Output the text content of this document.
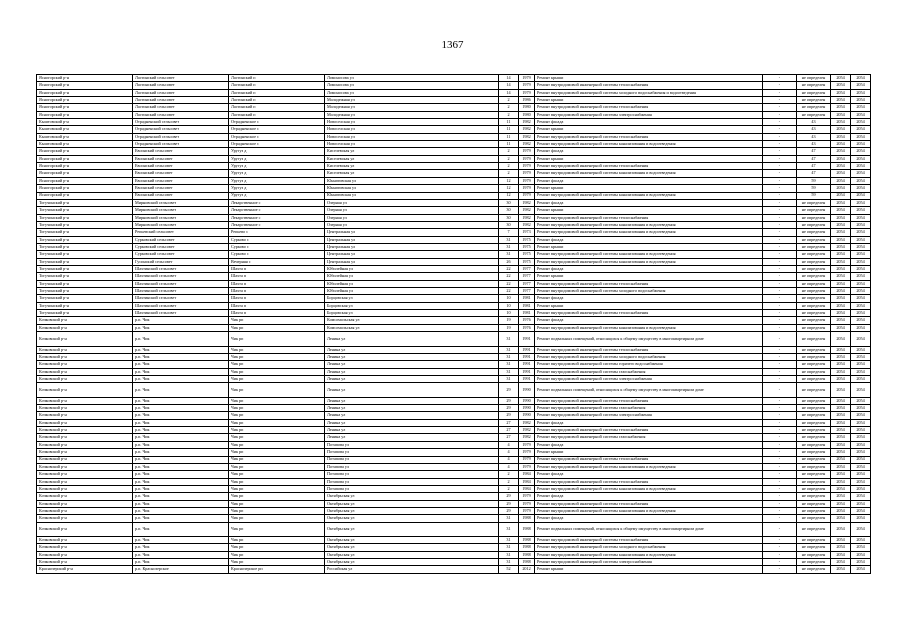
1367
Ясногорский р-н	Ластинский сельсовет	Ластинский п	Ломоносова ул	14	1979	Ремонт крыши	-	не определен	2054	2054
Ясногорский р-н	Ластинский сельсовет	Ластинский п	Ломоносова ул	14	1979	Ремонт внутридомовой инженерной системы теплоснабжения	-	не определен	2054	2054
Ясногорский р-н	Ластинский сельсовет	Ластинский п	Ломоносова ул	14	1979	Ремонт внутридомовой инженерной системы холодного водоснабжения и водоотведения	-	не определен	2054	2054
Ясногорский р-н	Ластинский сельсовет	Ластинский п	Молодежная ул	2	1986	Ремонт крыши	-	не определен	2054	2054
Ясногорский р-н	Ластинский сельсовет	Ластинский п	Молодежная ул	2	1980	Ремонт внутридомовой инженерной системы теплоснабжения	-	не определен	2054	2054
Ясногорский р-н	Ластинский сельсовет	Ластинский п	Молодежная ул	2	1980	Ремонт внутридомовой инженерной системы электроснабжения	-	не определен	2054	2054
Кыштовский р-н	Отрадненский сельсовет	Отрадненское с	Новоселская ул	11	1982	Ремонт фасада	-	43	2054	2054
Кыштовский р-н	Отрадненский сельсовет	Отрадненское с	Новоселская ул	11	1982	Ремонт крыши	-	43	2054	2054
Кыштовский р-н	Отрадненский сельсовет	Отрадненское с	Новоселская ул	11	1982	Ремонт внутридомовой инженерной системы теплоснабжения	-	43	2054	2054
Кыштовский р-н	Отрадненский сельсовет	Отрадненское с	Новоселская ул	11	1982	Ремонт внутридомовой инженерной системы канализования и водоотведения	-	43	2054	2054
Ясногорский р-н	Евсинский сельсовет	Уругуз д	Киселевская ул	2	1979	Ремонт фасада	-	47	2054	2054
Ясногорский р-н	Евсинский сельсовет	Уругуз д	Киселевская ул	2	1979	Ремонт крыши	-	47	2054	2054
Ясногорский р-н	Евсинский сельсовет	Уругуз д	Киселевская ул	2	1979	Ремонт внутридомовой инженерной системы теплоснабжения	-	47	2054	2054
Ясногорский р-н	Евсинский сельсовет	Уругуз д	Киселевская ул	2	1979	Ремонт внутридомовой инженерной системы канализования и водоотведения	-	47	2054	2054
Ясногорский р-н	Евсинский сельсовет	Уругуз д	Юннатовская ул	12	1979	Ремонт фасада	-	59	2054	2054
Ясногорский р-н	Евсинский сельсовет	Уругуз д	Юннатовская ул	12	1979	Ремонт крыши	-	59	2054	2054
Ясногорский р-н	Евсинский сельсовет	Уругуз д	Юннатовская ул	12	1979	Ремонт внутридомовой инженерной системы канализования и водоотведения	-	59	2054	2054
Тогучинский р-н	Мирновский сельсовет	Лекарственное с	Озерная ул	30	1982	Ремонт фасада	-	не определен	2054	2054
Тогучинский р-н	Мирновский сельсовет	Лекарственное с	Озерная ул	30	1982	Ремонт крыши	-	не определен	2054	2054
Тогучинский р-н	Мирновский сельсовет	Лекарственное с	Озерная ул	30	1982	Ремонт внутридомовой инженерной системы теплоснабжения	-	не определен	2054	2054
Тогучинский р-н	Мирновский сельсовет	Лекарственное с	Озерная ул	30	1982	Ремонт внутридомовой инженерной системы канализования и водоотведения	-	не определен	2054	2054
Тогучинский р-н	Репьевский сельсовет	Репьево с	Центральная ул	7	1973	Ремонт внутридомовой инженерной системы канализования и водоотведения	-	не определен	2054	2054
Тогучинский р-н	Сурковский сельсовет	Сурково с	Центральная ул	31	1975	Ремонт фасада	-	не определен	2054	2054
Тогучинский р-н	Сурковский сельсовет	Сурково с	Центральная ул	31	1975	Ремонт крыши	-	не определен	2054	2054
Тогучинский р-н	Сурковский сельсовет	Сурково с	Центральная ул	31	1975	Ремонт внутридомовой инженерной системы канализования и водоотведения	-	не определен	2054	2054
Тогучинский р-н	Гусинский сельсовет	Вечерняя с	Центральная ул	26	1975	Ремонт внутридомовой инженерной системы канализования и водоотведения	-	не определен	2054	2054
Тогучинский р-н	Шахтинский сельсовет	Шахта п	Юбилейная ул	22	1977	Ремонт фасада	-	не определен	2054	2054
Тогучинский р-н	Шахтинский сельсовет	Шахта п	Юбилейная ул	22	1977	Ремонт крыши	-	не определен	2054	2054
Тогучинский р-н	Шахтинский сельсовет	Шахта п	Юбилейная ул	22	1977	Ремонт внутридомовой инженерной системы теплоснабжения	-	не определен	2054	2054
Тогучинский р-н	Шахтинский сельсовет	Шахта п	Юбилейная ул	22	1977	Ремонт внутридомовой инженерной системы холодного водоснабжения	-	не определен	2054	2054
Тогучинский р-н	Шахтинский сельсовет	Шахта п	Борцовская ул	10	1981	Ремонт фасада	-	не определен	2054	2054
Тогучинский р-н	Шахтинский сельсовет	Шахта п	Борцовская ул	10	1981	Ремонт крыши	-	не определен	2054	2054
Тогучинский р-н	Шахтинский сельсовет	Шахта п	Борцовская ул	10	1981	Ремонт внутридомовой инженерной системы теплоснабжения	-	не определен	2054	2054
Кочковский р-н	р.п. Чик	Чик рп	Комсомольская ул	19	1976	Ремонт фасада	-	не определен	2054	2054
Кочковский р-н	р.п. Чик	Чик рп	Комсомольская ул	19	1976	Ремонт внутридомовой инженерной системы канализования и водоотведения	-	не определен	2054	2054
Кочковский р-н	р.п. Чик	Чик рп	Ленина ул	31	1991	Ремонт подвальных помещений, относящихся к общему имуществу в многоквартирном доме	-	не определен	2054	2054
Кочковский р-н	р.п. Чик	Чик рп	Ленина ул	31	1991	Ремонт внутридомовой инженерной системы теплоснабжения	-	не определен	2054	2054
Кочковский р-н	р.п. Чик	Чик рп	Ленина ул	31	1991	Ремонт внутридомовой инженерной системы холодного водоснабжения	-	не определен	2054	2054
Кочковский р-н	р.п. Чик	Чик рп	Ленина ул	31	1991	Ремонт внутридомовой инженерной системы горячего водоснабжения	-	не определен	2054	2054
Кочковский р-н	р.п. Чик	Чик рп	Ленина ул	31	1991	Ремонт внутридомовой инженерной системы газоснабжения	-	не определен	2054	2054
Кочковский р-н	р.п. Чик	Чик рп	Ленина ул	31	1991	Ремонт внутридомовой инженерной системы электроснабжения	-	не определен	2054	2054
Кочковский р-н	р.п. Чик	Чик рп	Ленина ул	29	1990	Ремонт подвальных помещений, относящихся к общему имуществу в многоквартирном доме	-	не определен	2054	2054
Кочковский р-н	р.п. Чик	Чик рп	Ленина ул	29	1990	Ремонт внутридомовой инженерной системы теплоснабжения	-	не определен	2054	2054
Кочковский р-н	р.п. Чик	Чик рп	Ленина ул	29	1990	Ремонт внутридомовой инженерной системы газоснабжения	-	не определен	2054	2054
Кочковский р-н	р.п. Чик	Чик рп	Ленина ул	29	1990	Ремонт внутридомовой инженерной системы электроснабжения	-	не определен	2054	2054
Кочковский р-н	р.п. Чик	Чик рп	Ленина ул	27	1982	Ремонт фасада	-	не определен	2054	2054
Кочковский р-н	р.п. Чик	Чик рп	Ленина ул	27	1982	Ремонт внутридомовой инженерной системы теплоснабжения	-	не определен	2054	2054
Кочковский р-н	р.п. Чик	Чик рп	Ленина ул	27	1982	Ремонт внутридомовой инженерной системы газоснабжения	-	не определен	2054	2054
Кочковский р-н	р.п. Чик	Чик рп	Потапова ул	4	1979	Ремонт фасада	-	не определен	2054	2054
Кочковский р-н	р.п. Чик	Чик рп	Потапова ул	4	1979	Ремонт крыши	-	не определен	2054	2054
Кочковский р-н	р.п. Чик	Чик рп	Потапова ул	4	1979	Ремонт внутридомовой инженерной системы теплоснабжения	-	не определен	2054	2054
Кочковский р-н	р.п. Чик	Чик рп	Потапова ул	4	1979	Ремонт внутридомовой инженерной системы канализования и водоотведения	-	не определен	2054	2054
Кочковский р-н	р.п. Чик	Чик рп	Потапова ул	2	1984	Ремонт фасада	-	не определен	2054	2054
Кочковский р-н	р.п. Чик	Чик рп	Потапова ул	2	1984	Ремонт внутридомовой инженерной системы теплоснабжения	-	не определен	2054	2054
Кочковский р-н	р.п. Чик	Чик рп	Потапова ул	2	1984	Ремонт внутридомовой инженерной системы канализования и водоотведения	-	не определен	2054	2054
Кочковский р-н	р.п. Чик	Чик рп	Октябрьская ул	29	1979	Ремонт фасада	-	не определен	2054	2054
Кочковский р-н	р.п. Чик	Чик рп	Октябрьская ул	29	1979	Ремонт внутридомовой инженерной системы теплоснабжения	-	не определен	2054	2054
Кочковский р-н	р.п. Чик	Чик рп	Октябрьская ул	29	1979	Ремонт внутридомовой инженерной системы канализования и водоотведения	-	не определен	2054	2054
Кочковский р-н	р.п. Чик	Чик рп	Октябрьская ул	31	1988	Ремонт фасада	-	не определен	2054	2054
Кочковский р-н	р.п. Чик	Чик рп	Октябрьская ул	31	1988	Ремонт подвальных помещений, относящихся к общему имуществу в многоквартирном доме	-	не определен	2054	2054
Кочковский р-н	р.п. Чик	Чик рп	Октябрьская ул	31	1988	Ремонт внутридомовой инженерной системы теплоснабжения	-	не определен	2054	2054
Кочковский р-н	р.п. Чик	Чик рп	Октябрьская ул	31	1988	Ремонт внутридомовой инженерной системы холодного водоснабжения	-	не определен	2054	2054
Кочковский р-н	р.п. Чик	Чик рп	Октябрьская ул	31	1988	Ремонт внутридомовой инженерной системы канализования и водоотведения	-	не определен	2054	2054
Кочковский р-н	р.п. Чик	Чик рп	Октябрьская ул	31	1988	Ремонт внутридомовой инженерной системы электроснабжения	-	не определен	2054	2054
Краснозерский р-н	р.п. Краснозерское	Краснозерское рп	Российская ул	52	2012	Ремонт крыши	-	не определен	2054	2054
